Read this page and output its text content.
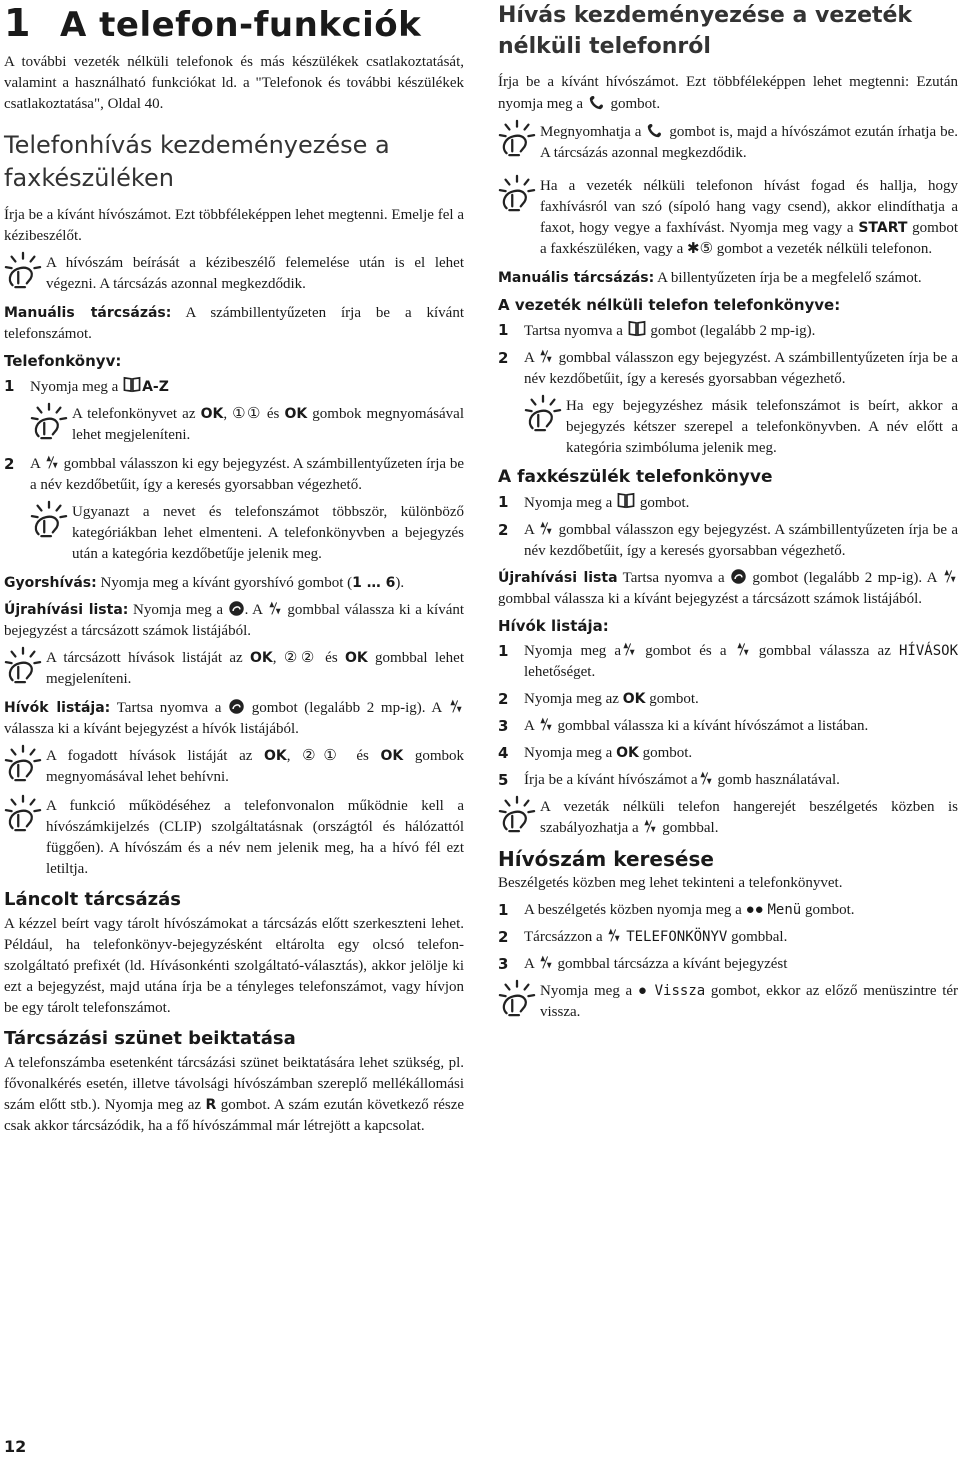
1 A telefon-funkciók

A további vezeték nélküli telefonok és más készülékek csatlakoztatását, valamint a használható funkciókat ld. a "Telefonok és további készülékek csatlakoztatása", Oldal 40.

Telefonhívás kezdeményezése a faxkészüléken

Írja be a kívánt hívószámot. Ezt többféleképpen lehet megtenni. Emelje fel a kézibeszélőt.

A hívószám beírását a kézibeszélő felemelése után is el lehet végezni. A tárcsázás azonnal megkezdődik.

Manuális tárcsázás: A számbillentyűzeten írja be a kívánt telefonszámot.

Telefonkönyv:
1	Nyomja meg a A-Z
A telefonkönyvet az OK, ①① és OK gombok megnyomásával lehet megjeleníteni.
2	A gombbal válasszon ki egy bejegyzést. A számbillentyűzeten írja be a név kezdőbetűit, így a keresés gyorsabban végezhető.
Ugyanazt a nevet és telefonszámot többször, különböző kategóriákban lehet elmenteni. A telefonkönyvben a bejegyzés után a kategória kezdőbetűje jelenik meg.

Gyorshívás: Nyomja meg a kívánt gyorshívó gombot (1 … 6).

Újrahívási lista: Nyomja meg a . A gombbal válassza ki a kívánt bejegyzést a tárcsázott számok listájából.

A tárcsázott hívások listáját az OK, ②② és OK gombbal lehet megjeleníteni.

Hívók listája: Tartsa nyomva a gombot (legalább 2 mp-ig). A  válassza ki a kívánt bejegyzést a hívók listájából.

A fogadott hívások listáját az OK, ②① és OK gombok megnyomásával lehet behívni.
A funkció működéséhez a telefonvonalon működnie kell a hívószámkijelzés (CLIP) szolgáltatásnak (országtól és hálózattól függően). A hívószám és a név nem jelenik meg, ha a hívó fél ezt letiltja.
Láncolt tárcsázás

A kézzel beírt vagy tárolt hívószámokat a tárcsázás előtt szerkeszteni lehet. Például, ha telefonkönyv-bejegyzésként eltárolta egy olcsó telefon-szolgáltató prefixét (ld. Hívásonkénti szolgáltató-választás), akkor jelölje ki ezt a bejegyzést, majd utána írja be a tényleges telefonszámot, vagy hívjon be egy tárolt telefonszámot.

Tárcsázási szünet beiktatása

A telefonszámba esetenként tárcsázási szünet beiktatására lehet szükség, pl. fővonalkérés esetén, illetve távolsági hívószámban szereplő mellékállomási szám előtt stb.). Nyomja meg az R gombot. A szám ezután következő része csak akkor tárcsázódik, ha a fő hívószámmal már létrejött a kapcsolat.

Hívás kezdeményezése a vezeték nélküli telefonról

Írja be a kívánt hívószámot. Ezt többféleképpen lehet megtenni: Ezután nyomja meg a gombot.

Megnyomhatja a gombot is, majd a hívószámot ezután írhatja be. A tárcsázás azonnal megkezdődik.
Ha a vezeték nélküli telefonon hívást fogad és hallja, hogy faxhívásról van szó (sípoló hang vagy csend), akkor elindíthatja a faxot, hogy vegye a faxhívást. Nyomja meg vagy a START gombot a faxkészüléken, vagy a ✱⑤ gombot a vezeték nélküli telefonon.

Manuális tárcsázás: A billentyűzeten írja be a megfelelő számot.

A vezeték nélküli telefon telefonkönyve:
1	Tartsa nyomva a gombot (legalább 2 mp-ig).
2	A gombbal válasszon egy bejegyzést. A számbillentyűzeten írja be a név kezdőbetűit, így a keresés gyorsabban végezhető.
Ha egy bejegyzéshez másik telefonszámot is beírt, akkor a bejegyzés kétszer szerepel a telefonkönyvben. A név előtt a kategória szimbóluma jelenik meg.
A faxkészülék telefonkönyve
1	Nyomja meg a gombot.
2	A gombbal válasszon egy bejegyzést. A számbillentyűzeten írja be a név kezdőbetűit, így a keresés gyorsabban végezhető.

Újrahívási lista Tartsa nyomva a gombot (legalább 2 mp-ig). A  gombbal válassza ki a kívánt bejegyzést a tárcsázott számok listájából.

Hívók listája:
1	Nyomja meg a gombot és a gombbal válassza az HÍVÁSOK lehetőséget.
2	Nyomja meg az OK gombot.
3	A gombbal válassza ki a kívánt hívószámot a listában.
4	Nyomja meg a OK gombot.
5	Írja be a kívánt hívószámot a gomb használatával.
A vezeták nélküli telefon hangerejét beszélgetés közben is szabályozhatja a gombbal.
Hívószám keresése

Beszélgetés közben meg lehet tekinteni a telefonkönyvet.

1	A beszélgetés közben nyomja meg a ●● Menü gombot.
2	Tárcsázzon a TELEFONKÖNYV gombbal.
3	A gombbal tárcsázza a kívánt bejegyzést
Nyomja meg a ● Vissza gombot, ekkor az előző menüszintre tér vissza.
12
